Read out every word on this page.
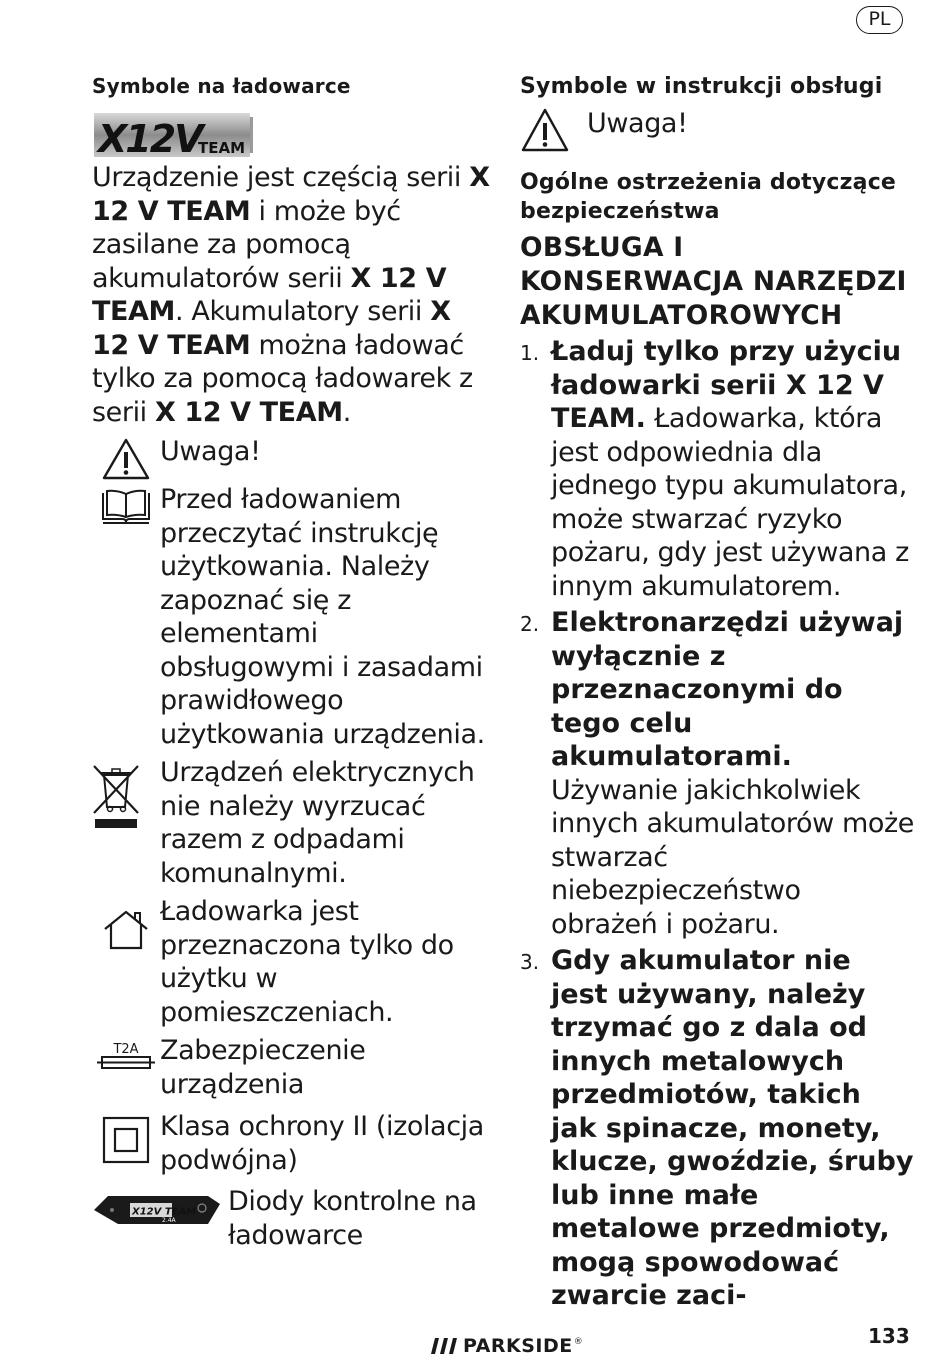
PL
Symbole na ładowarce
X12V
TEAM

Urządzenie jest częścią serii X 12 V TEAM i może być zasilane za pomocą akumulatorów serii X 12 V TEAM. Akumulatory serii X 12 V TEAM można ładować tylko za pomocą ładowarek z serii X 12 V TEAM.

Uwaga!
Przed ładowaniem przeczytać instrukcję użytkowania. Należy zapoznać się z elementami obsługowymi i zasadami prawidłowego użytkowania urządzenia.
Urządzeń elektrycznych nie należy wyrzucać razem z odpadami komunalnymi.
Ładowarka jest przeznaczona tylko do użytku w pomieszczeniach.
T2A Zabezpieczenie urządzenia
Klasa ochrony II (izolacja podwójna)
X12V TEAM
2.4A
Diody kontrolne na ładowarce
Symbole w instrukcji obsługi
Uwaga!
Ogólne ostrzeżenia dotyczące bezpieczeństwa
OBSŁUGA I KONSERWACJA NARZĘDZI AKUMULATOROWYCH
1. Ładuj tylko przy użyciu ładowarki serii X 12 V TEAM. Ładowarka, która jest odpowiednia dla jednego typu akumulatora, może stwarzać ryzyko pożaru, gdy jest używana z innym akumulatorem.
2. Elektronarzędzi używaj wyłącznie z przeznaczonymi do tego celu akumulatorami. Używanie jakichkolwiek innych akumulatorów może stwarzać niebezpieczeństwo obrażeń i pożaru.
3. Gdy akumulator nie jest używany, należy trzymać go z dala od innych metalowych przedmiotów, takich jak spinacze, monety, klucze, gwoździe, śruby lub inne małe metalowe przedmioty, mogą spowodować zwarcie zaci-
PARKSIDE ®	133
